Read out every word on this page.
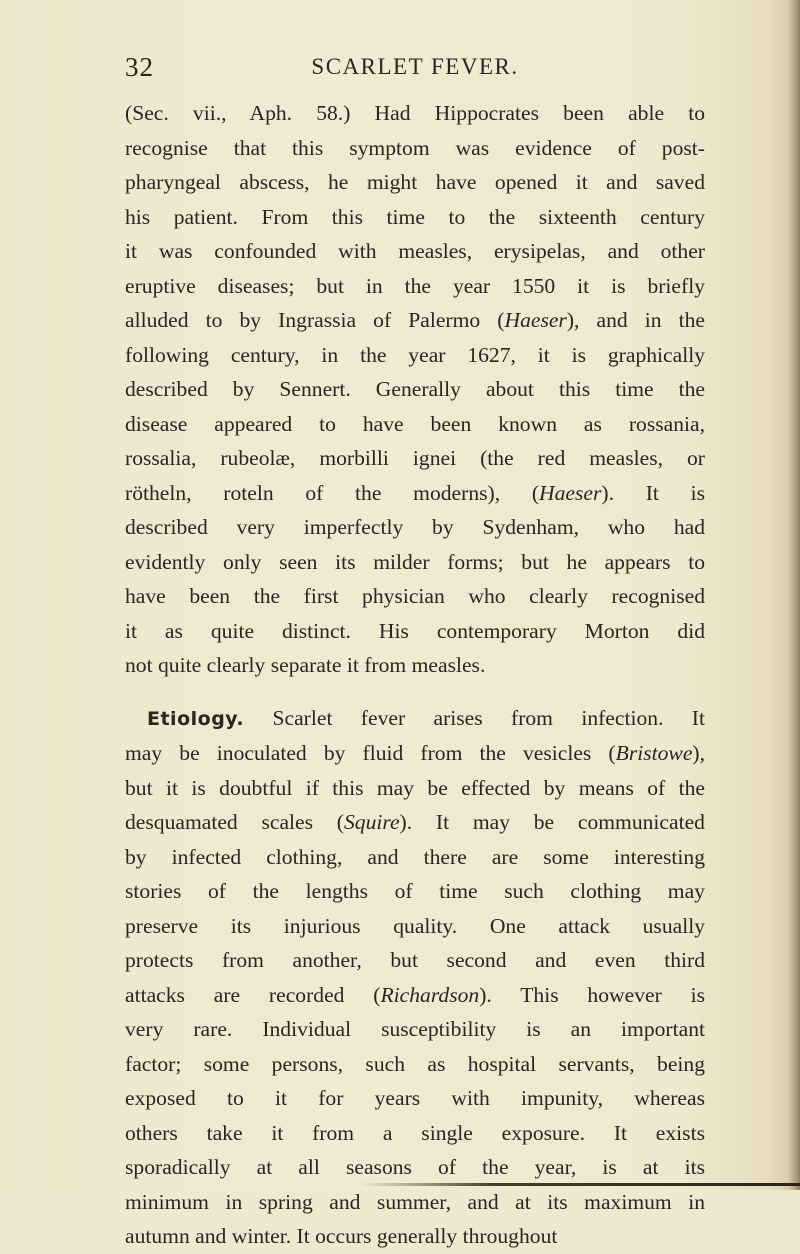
32	SCARLET FEVER.

(Sec. vii., Aph. 58.) Had Hippocrates been able to
recognise that this symptom was evidence of post-
pharyngeal abscess, he might have opened it and saved
his patient. From this time to the sixteenth century
it was confounded with measles, erysipelas, and other
eruptive diseases; but in the year 1550 it is briefly
alluded to by Ingrassia of Palermo (Haeser), and in the
following century, in the year 1627, it is graphically
described by Sennert. Generally about this time the
disease appeared to have been known as rossania,
rossalia, rubeolæ, morbilli ignei (the red measles, or
rötheln, roteln of the moderns), (Haeser). It is
described very imperfectly by Sydenham, who had
evidently only seen its milder forms; but he appears to
have been the first physician who clearly recognised
it as quite distinct. His contemporary Morton did
not quite clearly separate it from measles.

Etiology. Scarlet fever arises from infection. It
may be inoculated by fluid from the vesicles (Bristowe),
but it is doubtful if this may be effected by means of the
desquamated scales (Squire). It may be communicated
by infected clothing, and there are some interesting
stories of the lengths of time such clothing may
preserve its injurious quality. One attack usually
protects from another, but second and even third
attacks are recorded (Richardson). This however is
very rare. Individual susceptibility is an important
factor; some persons, such as hospital servants, being
exposed to it for years with impunity, whereas
others take it from a single exposure. It exists
sporadically at all seasons of the year, is at its
minimum in spring and summer, and at its maximum in
autumn and winter. It occurs generally throughout
